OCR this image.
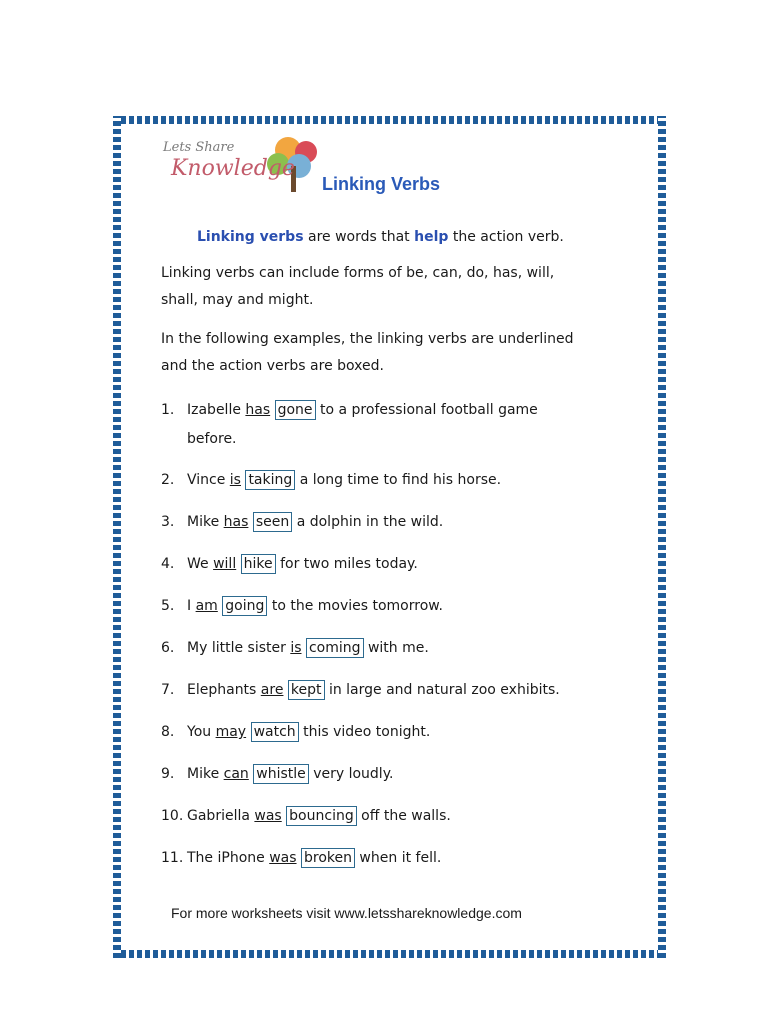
Lets Share
Knowledge
Linking Verbs
Linking verbs are words that help the action verb.
Linking verbs can include forms of be, can, do, has, will,
shall, may and might.
In the following examples, the linking verbs are underlined
and the action verbs are boxed.
1. Izabelle has gone to a professional football game
before.
2. Vince is taking a long time to find his horse.
3. Mike has seen a dolphin in the wild.
4. We will hike for two miles today.
5. I am going to the movies tomorrow.
6. My little sister is coming with me.
7. Elephants are kept in large and natural zoo exhibits.
8. You may watch this video tonight.
9. Mike can whistle very loudly.
10. Gabriella was bouncing off the walls.
11. The iPhone was broken when it fell.
For more worksheets visit www.letsshareknowledge.com
